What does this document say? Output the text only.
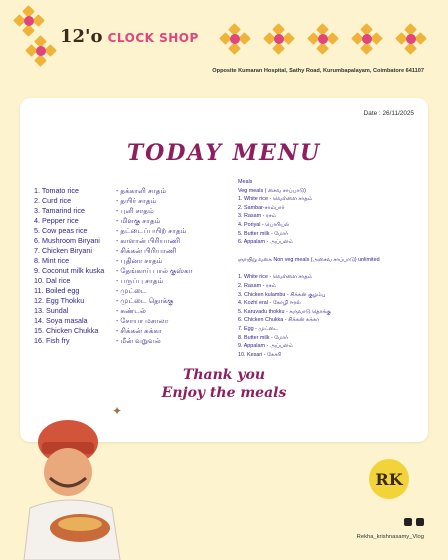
12'o CLOCK SHOP
Opposite Kumaran Hospital, Sathy Road, Kurumbapalayam, Coimbatore 641107
Date : 26/11/2025
TODAY MENU
1. Tomato rice	- தக்காளி சாதம்
2. Curd rice	- தயிர் சாதம்
3. Tamarind rice	- புளி சாதம்
4. Pepper rice	- மிளகு சாதம்
5. Cow peas rice	- தட்டைப்பயிற் சாதம்
6. Mushroom Biryani	- காளான் பிரியாணி
7. Chicken Biryani	- சிக்கன் பிரியாணி
8. Mint rice	- புதினா சாதம்
9. Coconut milk kuska	- தேங்காய் பால் குஸ்கா
10. Dal rice	- பருப்பு சாதம்
11. Boiled egg	- முட்டை
12. Egg Thokku	- முட்டை தொக்கு
13. Sundal	- சுண்டல்
14. Soya masala	- சோயா மசாலா
15. Chicken Chukka	- சிக்கன் சுக்கா
16. Fish fry	- மீன் வறுவல்
Meals
Veg meals ( சைவ சாப்பாடு)
1. White rice - வெள்ளை சாதம்
2. Sambar-சாம்பார்
3. Rasam - ரசம்
4. Poriyal - பொரியல்
5. Butter milk - மோர்
6. Appalam - அப்பளம்
ஞாயிறு வகை Non veg meals (அசைவ சாப்பாடு) unlimited
1. White rice - வெள்ளை சாதம்
2. Rasam - ரசம்
3. Chicken kulambu - சிக்கன் குழம்பு
4. Kozhi eral - கோழி ஈரல்
5. Karuvadu thokku - கருவாடு தொக்கு
6. Chicken Chukka - சிக்கன் சுக்கா
7. Egg - முட்டை
8. Butter milk - மோர்
9. Appalam - அப்பளம்
10. Kesari - கேசரி
Thank you
Enjoy the meals
✦
RK
Rekha_krishnasamy_Vlog
